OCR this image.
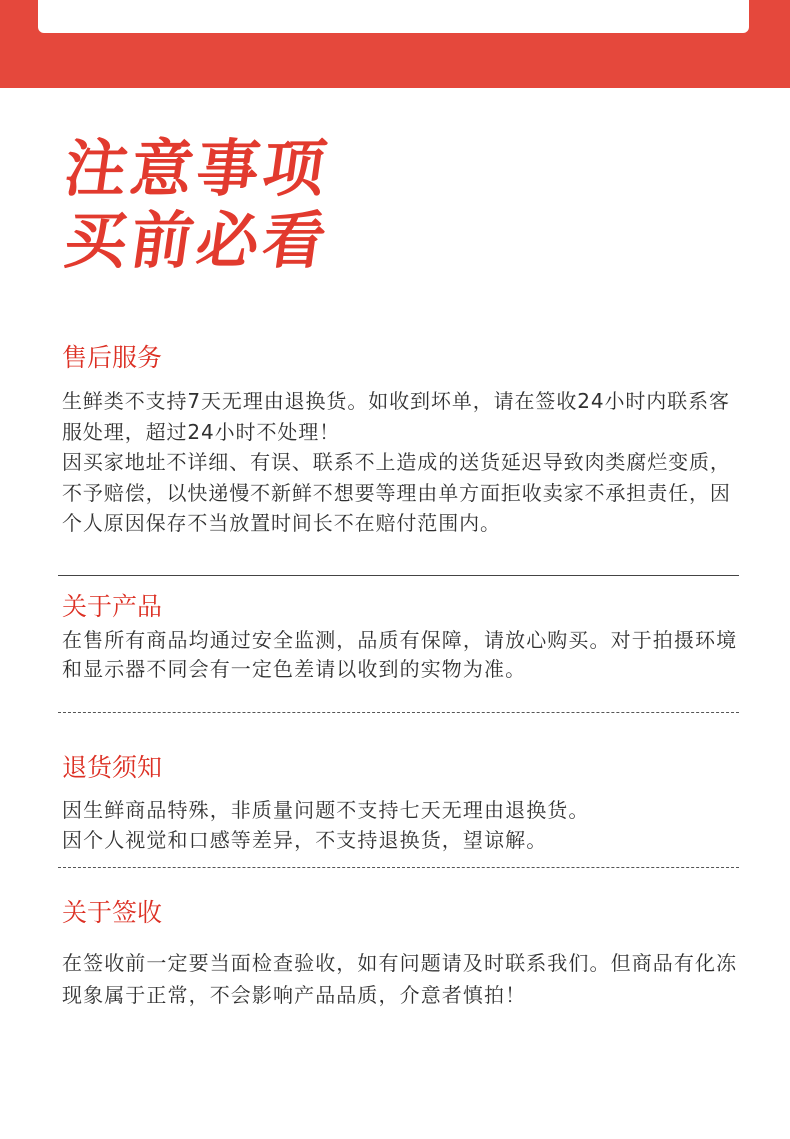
注意事项
买前必看
售后服务

生鲜类不支持7天无理由退换货。如收到坏单，请在签收24小时内联系客服处理，超过24小时不处理！

因买家地址不详细、有误、联系不上造成的送货延迟导致肉类腐烂变质，不予赔偿，以快递慢不新鲜不想要等理由单方面拒收卖家不承担责任，因个人原因保存不当放置时间长不在赔付范围内。

关于产品

在售所有商品均通过安全监测，品质有保障，请放心购买。对于拍摄环境和显示器不同会有一定色差请以收到的实物为准。

退货须知

因生鲜商品特殊，非质量问题不支持七天无理由退换货。

因个人视觉和口感等差异，不支持退换货，望谅解。

关于签收

在签收前一定要当面检查验收，如有问题请及时联系我们。但商品有化冻现象属于正常，不会影响产品品质，介意者慎拍！
